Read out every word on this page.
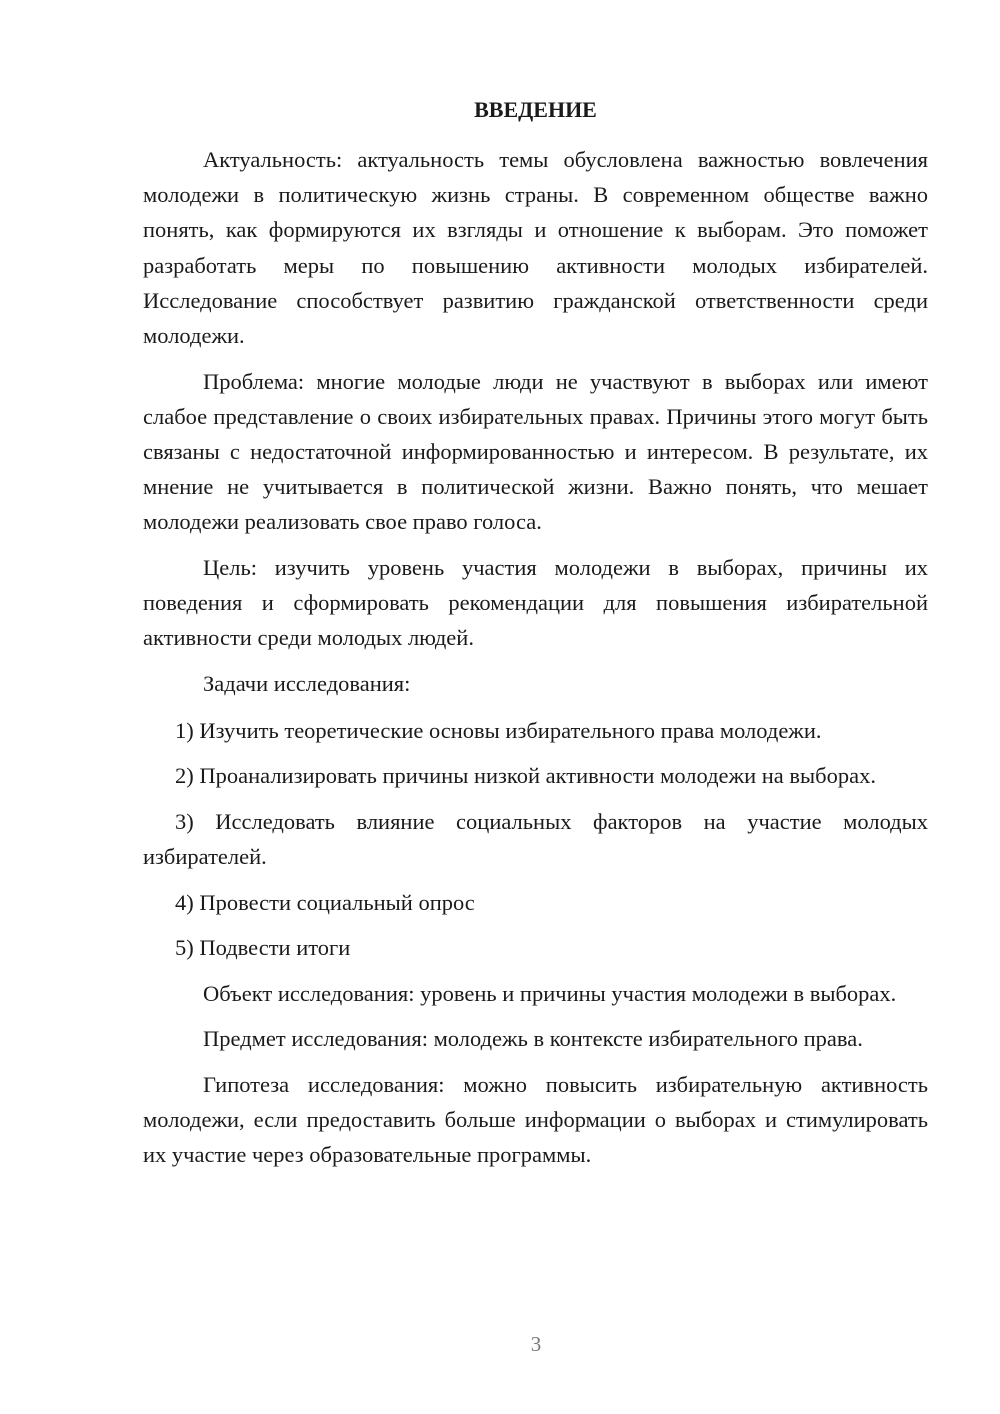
ВВЕДЕНИЕ

Актуальность: актуальность темы обусловлена важностью вовлечения молодежи в политическую жизнь страны. В современном обществе важно понять, как формируются их взгляды и отношение к выборам. Это поможет разработать меры по повышению активности молодых избирателей. Исследование способствует развитию гражданской ответственности среди молодежи.

Проблема: многие молодые люди не участвуют в выборах или имеют слабое представление о своих избирательных правах. Причины этого могут быть связаны с недостаточной информированностью и интересом. В результате, их мнение не учитывается в политической жизни. Важно понять, что мешает молодежи реализовать свое право голоса.

Цель: изучить уровень участия молодежи в выборах, причины их поведения и сформировать рекомендации для повышения избирательной активности среди молодых людей.

Задачи исследования:

1) Изучить теоретические основы избирательного права молодежи.

2) Проанализировать причины низкой активности молодежи на выборах.

3) Исследовать влияние социальных факторов на участие молодых избирателей.

4) Провести социальный опрос

5) Подвести итоги

Объект исследования: уровень и причины участия молодежи в выборах.

Предмет исследования: молодежь в контексте избирательного права.

Гипотеза исследования: можно повысить избирательную активность молодежи, если предоставить больше информации о выборах и стимулировать их участие через образовательные программы.

3
